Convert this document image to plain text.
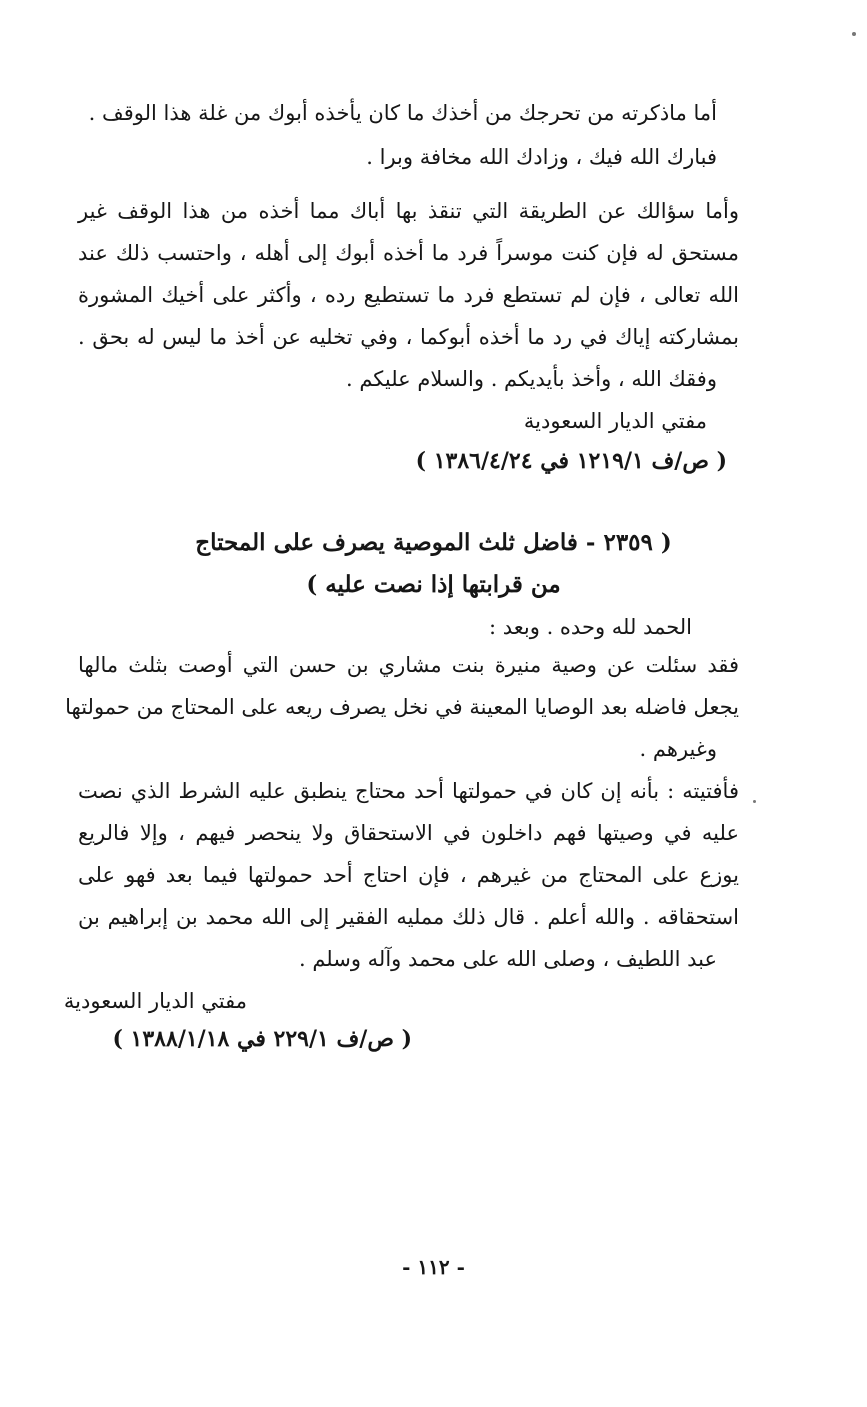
أما ماذكرته من تحرجك من أخذك ما كان يأخذه أبوك من غلة هذا الوقف .
فبارك الله فيك ، وزادك الله مخافة وبرا .
وأما سؤالك عن الطريقة التي تنقذ بها أباك مما أخذه من هذا الوقف غير
مستحق له فإن كنت موسراً فرد ما أخذه أبوك إلى أهله ، واحتسب ذلك عند
الله تعالى ، فإن لم تستطع فرد ما تستطيع رده ، وأكثر على أخيك المشورة
بمشاركته إياك في رد ما أخذه أبوكما ، وفي تخليه عن أخذ ما ليس له بحق .
وفقك الله ، وأخذ بأيديكم . والسلام عليكم .
مفتي الديار السعودية
( ص/ف ١٢١٩/١ في ١٣٨٦/٤/٢٤ )
( ٢٣٥٩ - فاضل ثلث الموصية يصرف على المحتاج
من قرابتها إذا نصت عليه )
الحمد لله وحده . وبعد :
فقد سئلت عن وصية منيرة بنت مشاري بن حسن التي أوصت بثلث مالها
يجعل فاضله بعد الوصايا المعينة في نخل يصرف ريعه على المحتاج من حمولتها
وغيرهم .
فأفتيته : بأنه إن كان في حمولتها أحد محتاج ينطبق عليه الشرط الذي نصت
عليه في وصيتها فهم داخلون في الاستحقاق ولا ينحصر فيهم ، وإلا فالريع
يوزع على المحتاج من غيرهم ، فإن احتاج أحد حمولتها فيما بعد فهو على
استحقاقه . والله أعلم . قال ذلك ممليه الفقير إلى الله محمد بن إبراهيم بن
عبد اللطيف ، وصلى الله على محمد وآله وسلم .
مفتي الديار السعودية
( ص/ف ٢٢٩/١ في ١٣٨٨/١/١٨ )
- ١١٢ -
